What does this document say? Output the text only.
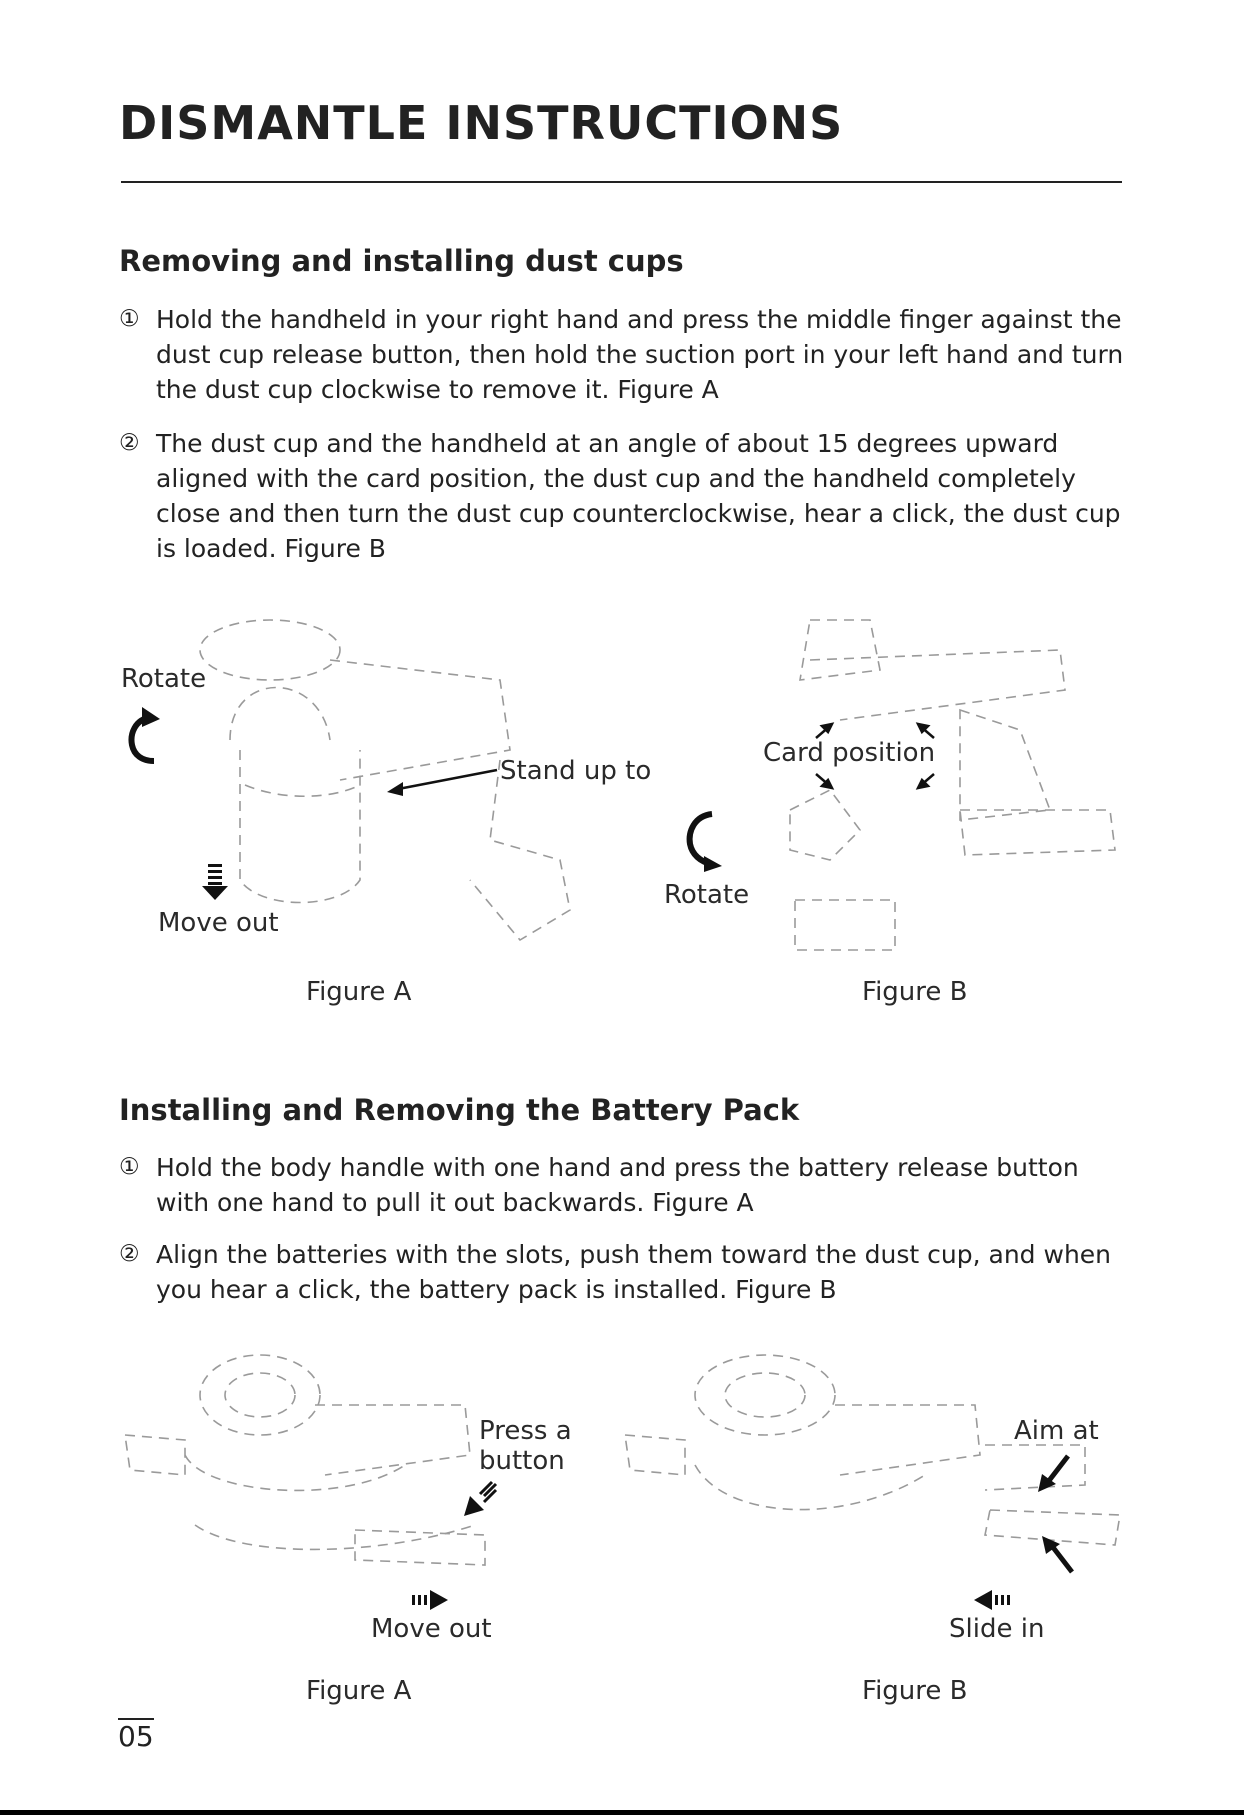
DISMANTLE INSTRUCTIONS
Removing and installing dust cups
① Hold the handheld in your right hand and press the middle finger against the dust cup release button, then hold the suction port in your left hand and turn the dust cup clockwise to remove it. Figure A
② The dust cup and the handheld at an angle of about 15 degrees upward aligned with the card position, the dust cup and the handheld completely close and then turn the dust cup counterclockwise, hear a click, the dust cup is loaded. Figure B
Rotate
Stand up to
Move out
Figure A
Card position
Rotate
Figure B
Installing and Removing the Battery Pack
① Hold the body handle with one hand and press the battery release button with one hand to pull it out backwards. Figure A
② Align the batteries with the slots, push them toward the dust cup, and when you hear a click, the battery pack is installed. Figure B
Press a
button
Move out
Figure A
Aim at
Slide in
Figure B
05
